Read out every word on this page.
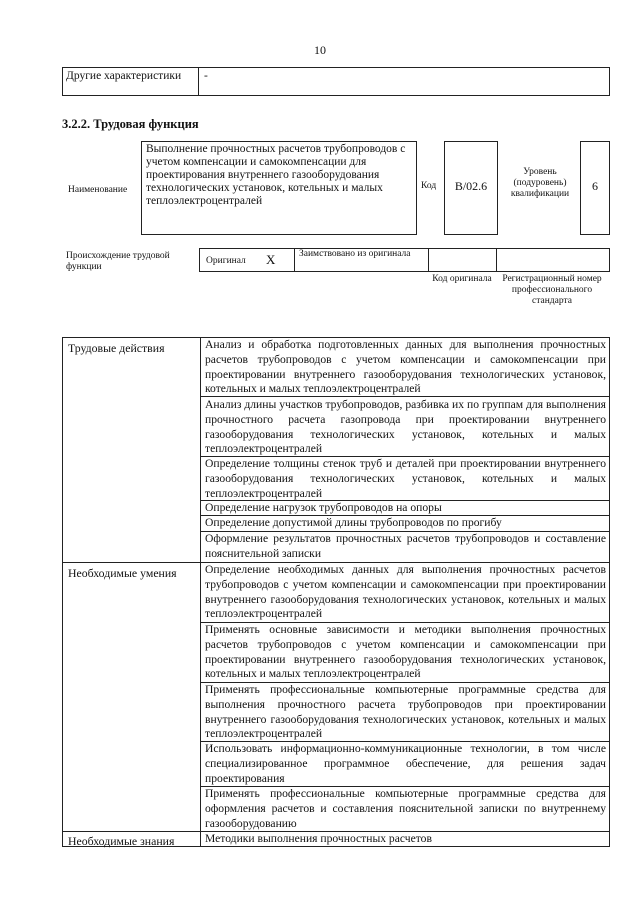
10
Другие характеристики	-
3.2.2. Трудовая функция
Наименование
Выполнение прочностных расчетов трубопроводов с учетом компенсации и самокомпенсации для проектирования внутреннего газооборудования технологических установок, котельных и малых теплоэлектроцентралей
Код	B/02.6
Уровень (подуровень) квалификации
6
Происхождение трудовой функции
Оригинал X Заимствовано из оригинала
Код оригинала Регистрационный номер профессионального стандарта
Трудовые действия
Необходимые умения
Необходимые знания
Анализ и обработка подготовленных данных для выполнения прочностных расчетов трубопроводов с учетом компенсации и самокомпенсации при проектировании внутреннего газооборудования технологических установок, котельных и малых теплоэлектроцентралей
Анализ длины участков трубопроводов, разбивка их по группам для выполнения прочностного расчета газопровода при проектировании внутреннего газооборудования технологических установок, котельных и малых теплоэлектроцентралей
Определение толщины стенок труб и деталей при проектировании внутреннего газооборудования технологических установок, котельных и малых теплоэлектроцентралей
Определение нагрузок трубопроводов на опоры
Определение допустимой длины трубопроводов по прогибу
Оформление результатов прочностных расчетов трубопроводов и составление пояснительной записки
Определение необходимых данных для выполнения прочностных расчетов трубопроводов с учетом компенсации и самокомпенсации при проектировании внутреннего газооборудования технологических установок, котельных и малых теплоэлектроцентралей
Применять основные зависимости и методики выполнения прочностных расчетов трубопроводов с учетом компенсации и самокомпенсации при проектировании внутреннего газооборудования технологических установок, котельных и малых теплоэлектроцентралей
Применять профессиональные компьютерные программные средства для выполнения прочностного расчета трубопроводов при проектировании внутреннего газооборудования технологических установок, котельных и малых теплоэлектроцентралей
Использовать информационно-коммуникационные технологии, в том числе специализированное программное обеспечение, для решения задач проектирования
Применять профессиональные компьютерные программные средства для оформления расчетов и составления пояснительной записки по внутреннему газооборудованию
Методики выполнения прочностных расчетов
